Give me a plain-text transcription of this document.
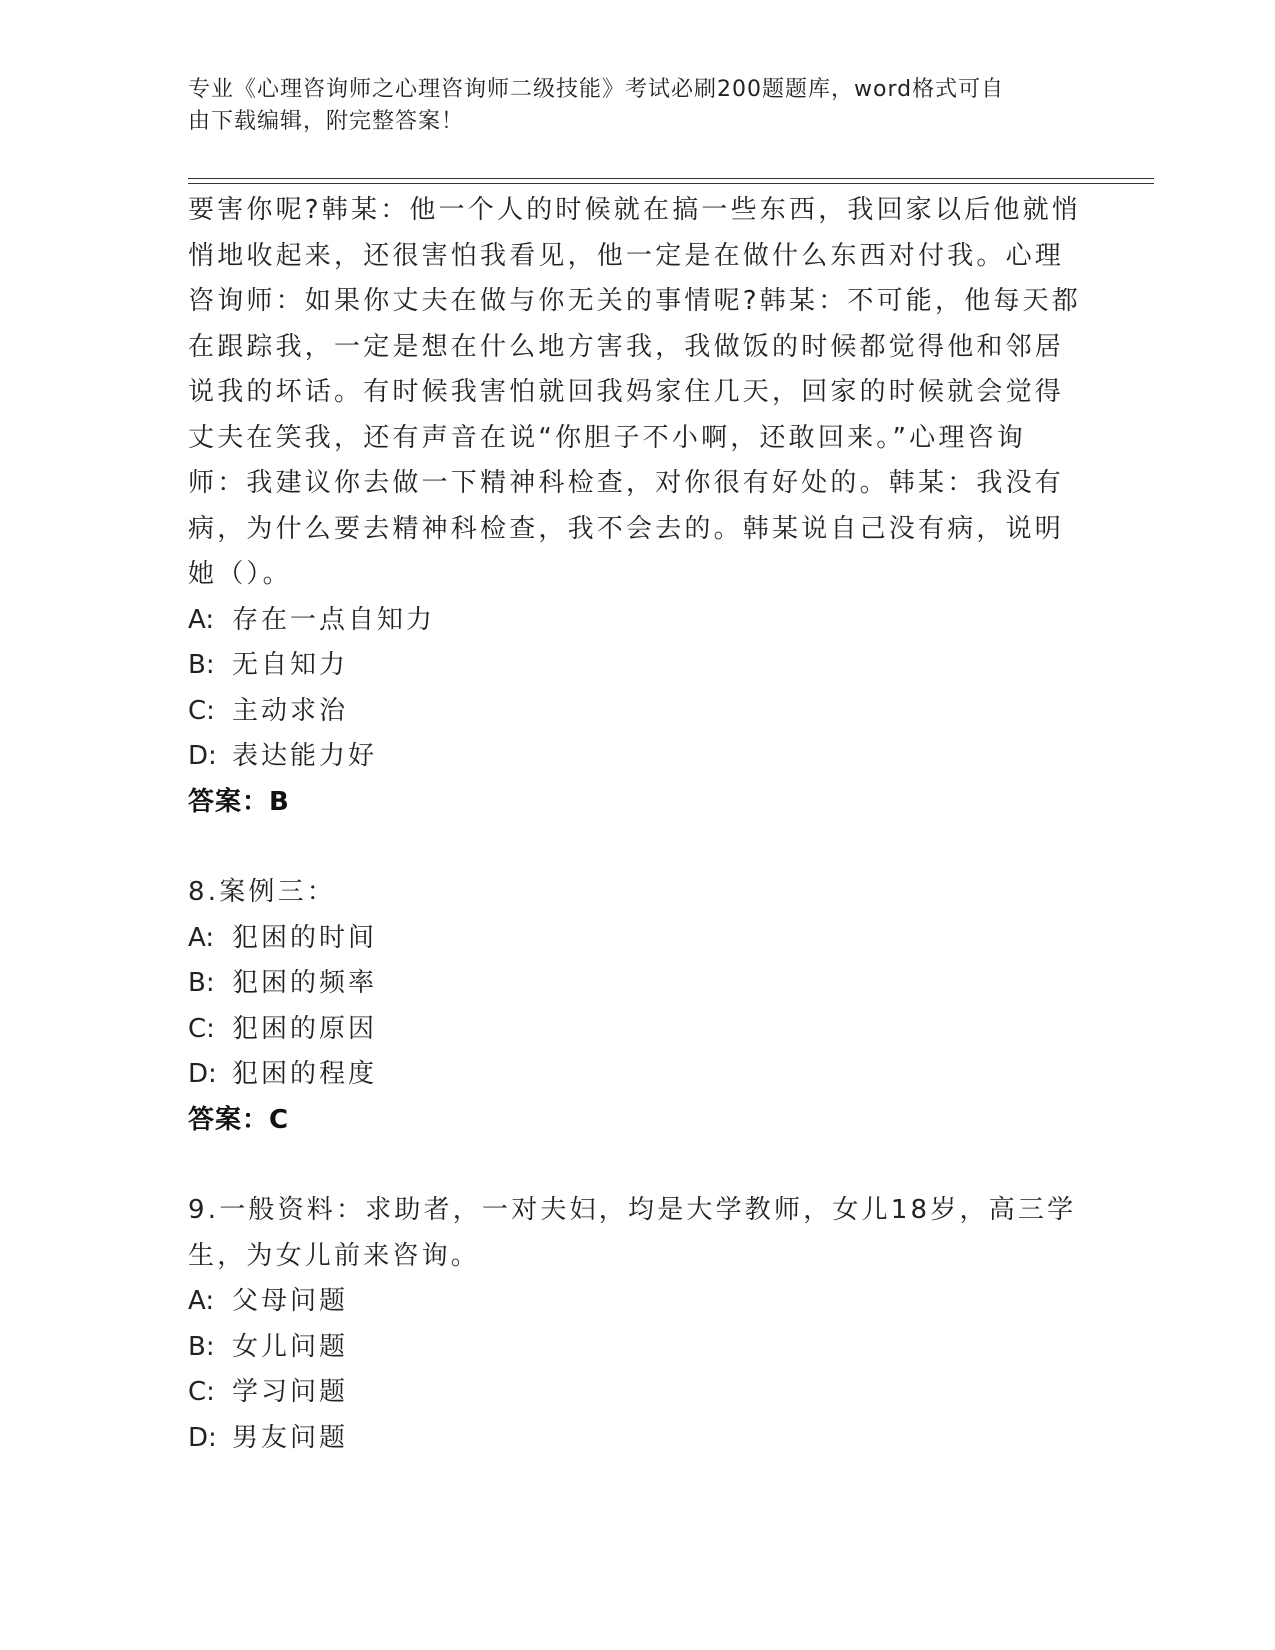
专业《心理咨询师之心理咨询师二级技能》考试必刷200题题库，word格式可自
由下载编辑，附完整答案！
要害你呢?韩某：他一个人的时候就在搞一些东西，我回家以后他就悄
悄地收起来，还很害怕我看见，他一定是在做什么东西对付我。心理
咨询师：如果你丈夫在做与你无关的事情呢?韩某：不可能，他每天都
在跟踪我，一定是想在什么地方害我，我做饭的时候都觉得他和邻居
说我的坏话。有时候我害怕就回我妈家住几天，回家的时候就会觉得
丈夫在笑我，还有声音在说“你胆子不小啊，还敢回来。”心理咨询
师：我建议你去做一下精神科检查，对你很有好处的。韩某：我没有
病，为什么要去精神科检查，我不会去的。韩某说自己没有病，说明
她（）。
A: 存在一点自知力
B: 无自知力
C: 主动求治
D: 表达能力好
答案：B
8.案例三：
A: 犯困的时间
B: 犯困的频率
C: 犯困的原因
D: 犯困的程度
答案：C
9.一般资料：求助者，一对夫妇，均是大学教师，女儿18岁，高三学
生，为女儿前来咨询。
A: 父母问题
B: 女儿问题
C: 学习问题
D: 男友问题
